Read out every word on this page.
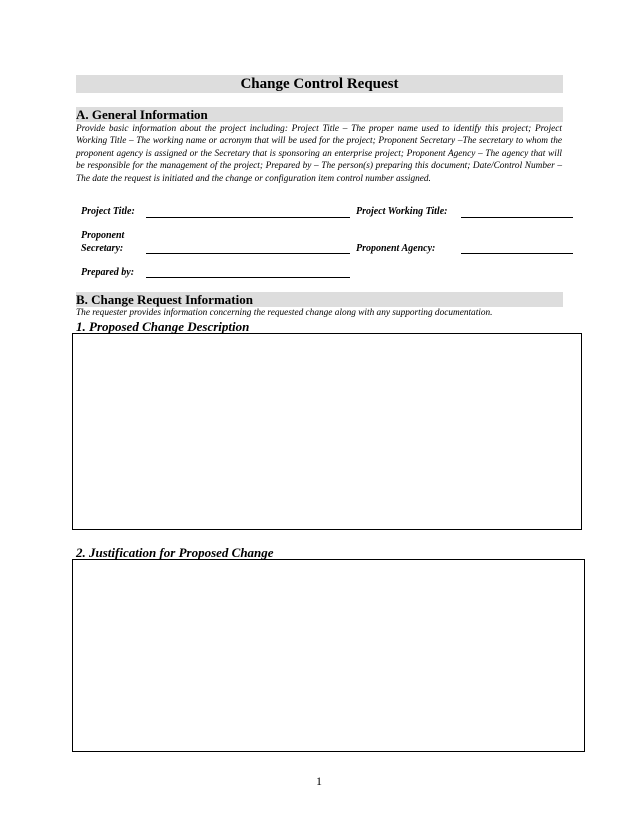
Change Control Request
A. General Information
Provide basic information about the project including: Project Title – The proper name used to identify this project; Project Working Title – The working name or acronym that will be used for the project; Proponent Secretary –The secretary to whom the proponent agency is assigned or the Secretary that is sponsoring an enterprise project; Proponent Agency – The agency that will be responsible for the management of the project; Prepared by – The person(s) preparing this document; Date/Control Number – The date the request is initiated and the change or configuration item control number assigned.
Project Title:	Project Working Title:
Proponent
Secretary:	Proponent Agency:
Prepared by:
B. Change Request Information
The requester provides information concerning the requested change along with any supporting documentation.
1. Proposed Change Description
2. Justification for Proposed Change
1
